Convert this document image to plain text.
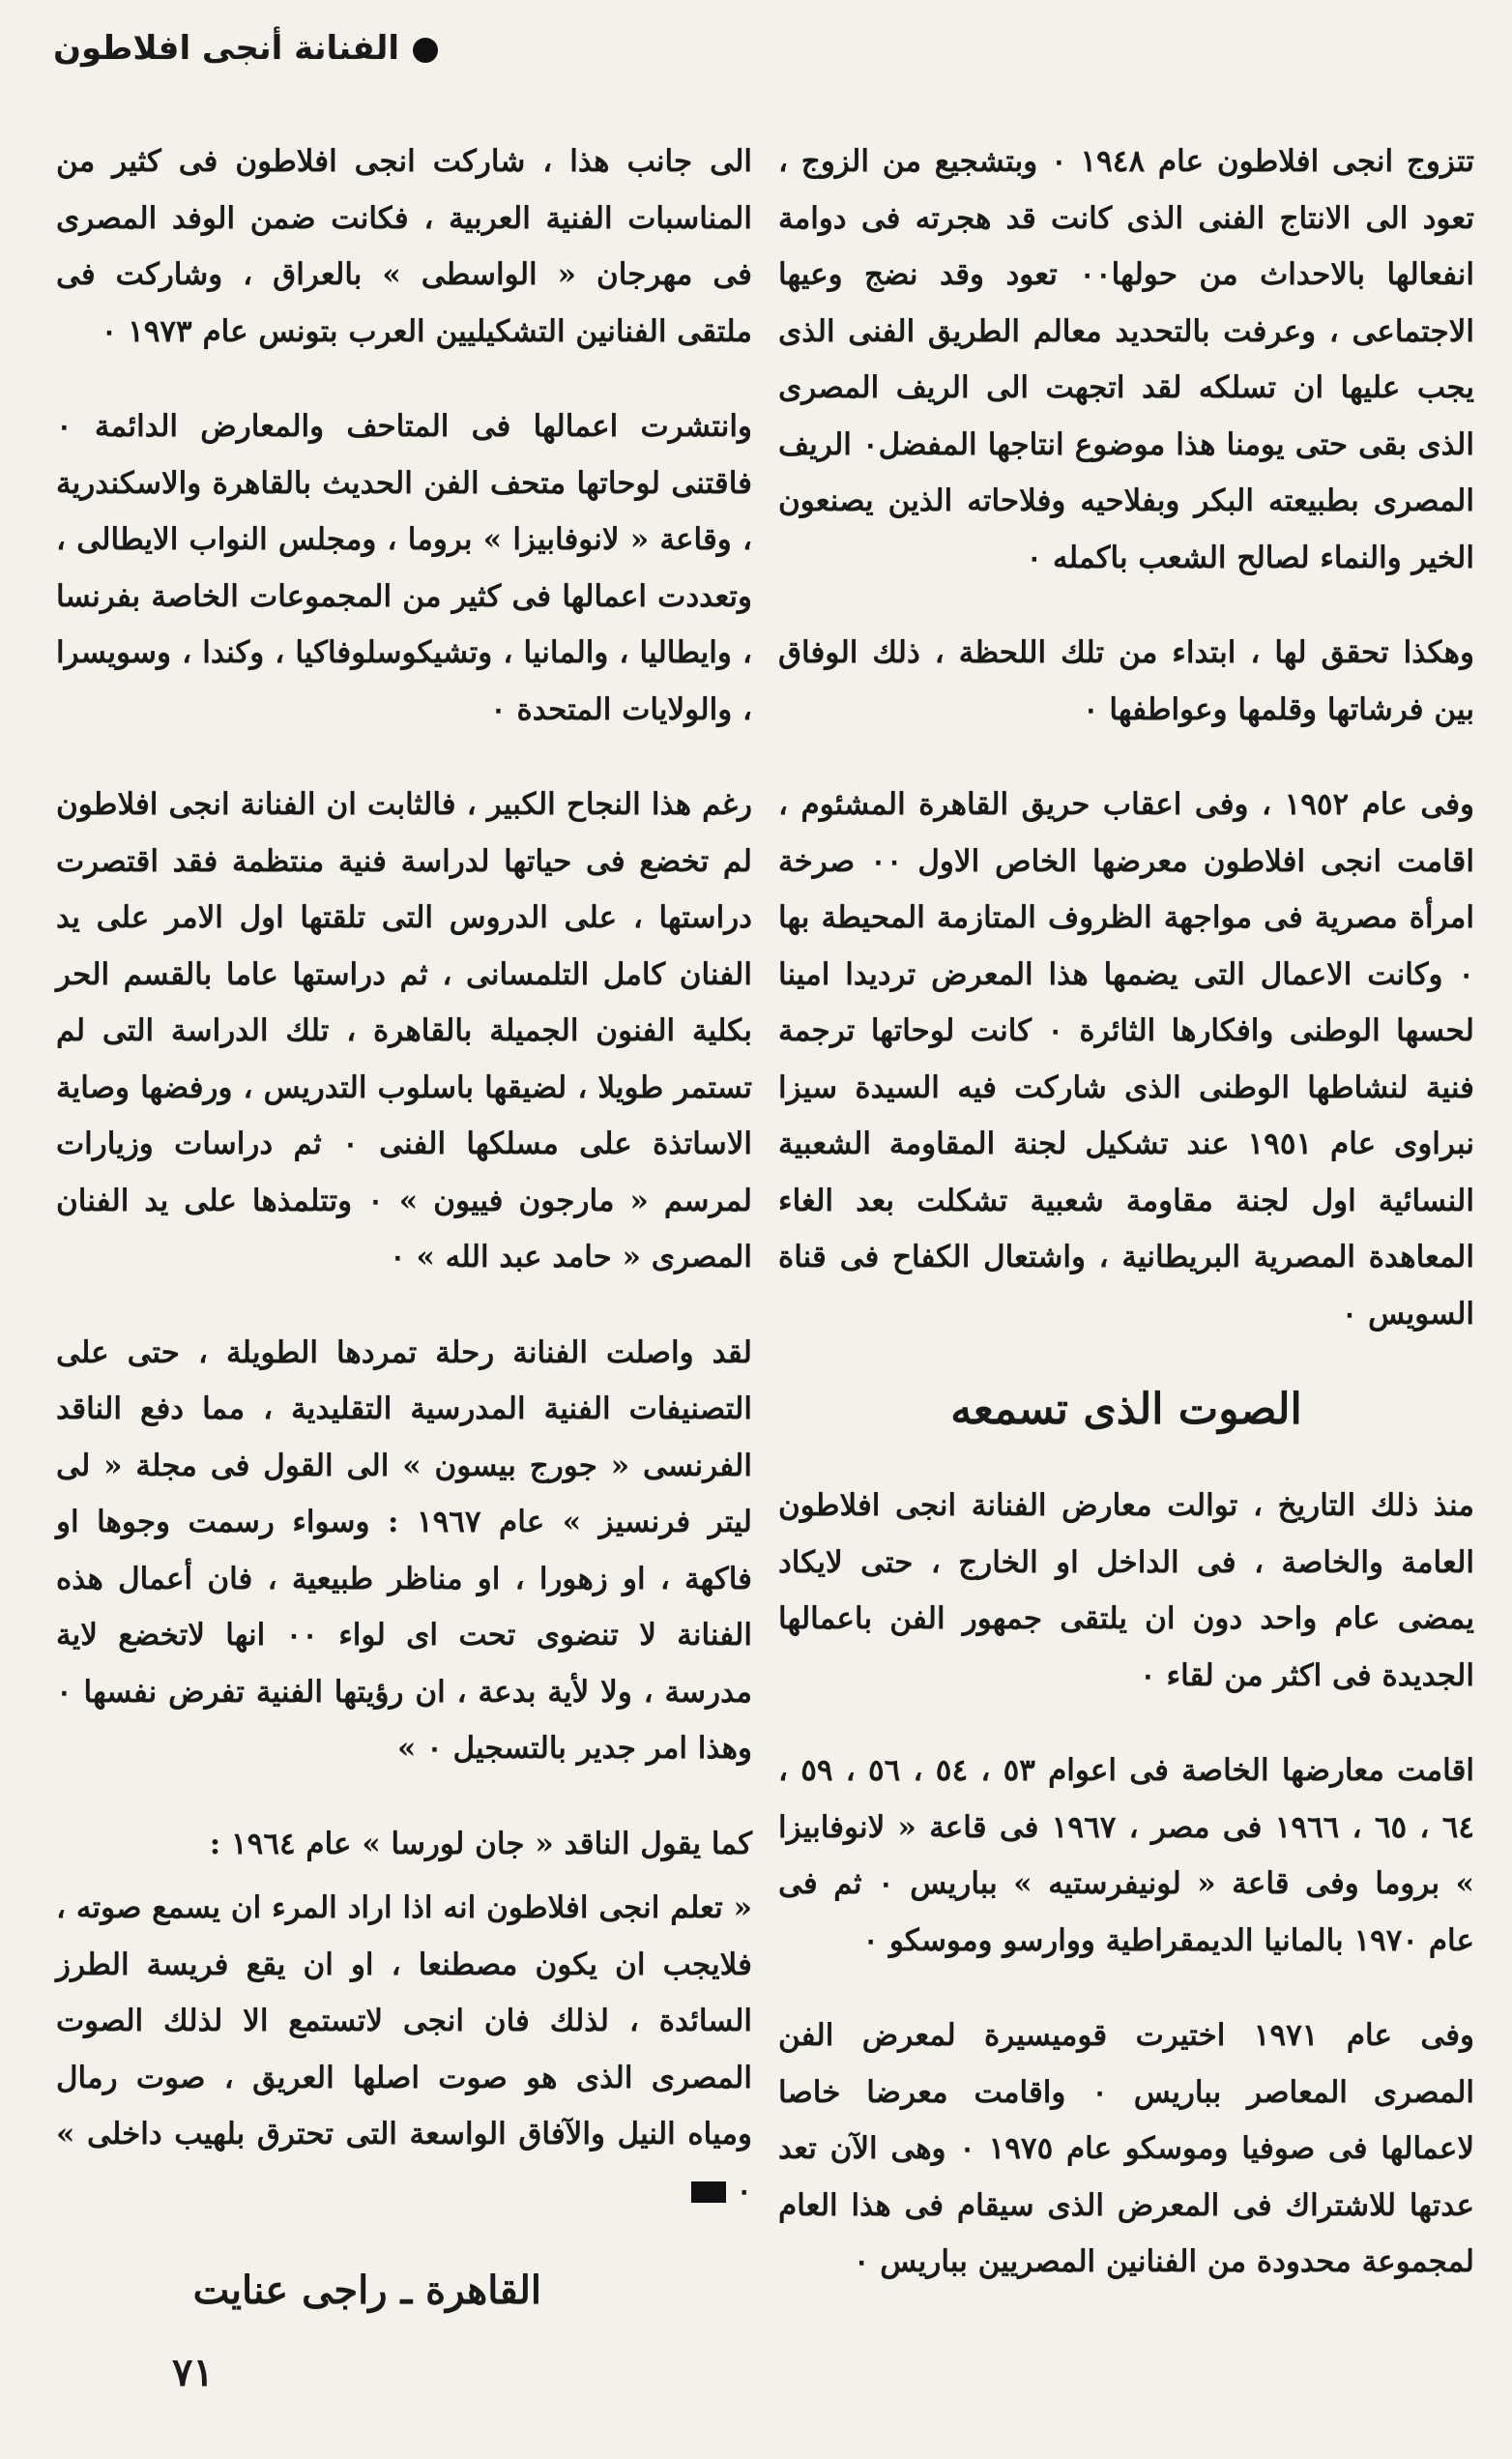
الفنانة أنجى افلاطون

تتزوج انجى افلاطون عام ١٩٤٨ ٠ وبتشجيع من الزوج ، تعود الى الانتاج الفنى الذى كانت قد هجرته فى دوامة انفعالها بالاحداث من حولها٠٠ تعود وقد نضج وعيها الاجتماعى ، وعرفت بالتحديد معالم الطريق الفنى الذى يجب عليها ان تسلكه لقد اتجهت الى الريف المصرى الذى بقى حتى يومنا هذا موضوع انتاجها المفضل٠ الريف المصرى بطبيعته البكر وبفلاحيه وفلاحاته الذين يصنعون الخير والنماء لصالح الشعب باكمله ٠

وهكذا تحقق لها ، ابتداء من تلك اللحظة ، ذلك الوفاق بين فرشاتها وقلمها وعواطفها ٠

وفى عام ١٩٥٢ ، وفى اعقاب حريق القاهرة المشئوم ، اقامت انجى افلاطون معرضها الخاص الاول ٠٠ صرخة امرأة مصرية فى مواجهة الظروف المتازمة المحيطة بها ٠ وكانت الاعمال التى يضمها هذا المعرض ترديدا امينا لحسها الوطنى وافكارها الثائرة ٠ كانت لوحاتها ترجمة فنية لنشاطها الوطنى الذى شاركت فيه السيدة سيزا نبراوى عام ١٩٥١ عند تشكيل لجنة المقاومة الشعبية النسائية اول لجنة مقاومة شعبية تشكلت بعد الغاء المعاهدة المصرية البريطانية ، واشتعال الكفاح فى قناة السويس ٠

الصوت الذى تسمعه

منذ ذلك التاريخ ، توالت معارض الفنانة انجى افلاطون العامة والخاصة ، فى الداخل او الخارج ، حتى لايكاد يمضى عام واحد دون ان يلتقى جمهور الفن باعمالها الجديدة فى اكثر من لقاء ٠

اقامت معارضها الخاصة فى اعوام ٥٣ ، ٥٤ ، ٥٦ ، ٥٩ ، ٦٤ ، ٦٥ ، ١٩٦٦ فى مصر ، ١٩٦٧ فى قاعة « لانوفابيزا » بروما وفى قاعة « لونيفرستيه » بباريس ٠ ثم فى عام ١٩٧٠ بالمانيا الديمقراطية ووارسو وموسكو ٠

وفى عام ١٩٧١ اختيرت قوميسيرة لمعرض الفن المصرى المعاصر بباريس ٠ واقامت معرضا خاصا لاعمالها فى صوفيا وموسكو عام ١٩٧٥ ٠ وهى الآن تعد عدتها للاشتراك فى المعرض الذى سيقام فى هذا العام لمجموعة محدودة من الفنانين المصريين بباريس ٠

الى جانب هذا ، شاركت انجى افلاطون فى كثير من المناسبات الفنية العربية ، فكانت ضمن الوفد المصرى فى مهرجان « الواسطى » بالعراق ، وشاركت فى ملتقى الفنانين التشكيليين العرب بتونس عام ١٩٧٣ ٠

وانتشرت اعمالها فى المتاحف والمعارض الدائمة ٠ فاقتنى لوحاتها متحف الفن الحديث بالقاهرة والاسكندرية ، وقاعة « لانوفابيزا » بروما ، ومجلس النواب الايطالى ، وتعددت اعمالها فى كثير من المجموعات الخاصة بفرنسا ، وايطاليا ، والمانيا ، وتشيكوسلوفاكيا ، وكندا ، وسويسرا ، والولايات المتحدة ٠

رغم هذا النجاح الكبير ، فالثابت ان الفنانة انجى افلاطون لم تخضع فى حياتها لدراسة فنية منتظمة فقد اقتصرت دراستها ، على الدروس التى تلقتها اول الامر على يد الفنان كامل التلمسانى ، ثم دراستها عاما بالقسم الحر بكلية الفنون الجميلة بالقاهرة ، تلك الدراسة التى لم تستمر طويلا ، لضيقها باسلوب التدريس ، ورفضها وصاية الاساتذة على مسلكها الفنى ٠ ثم دراسات وزيارات لمرسم « مارجون فييون » ٠ وتتلمذها على يد الفنان المصرى « حامد عبد الله » ٠

لقد واصلت الفنانة رحلة تمردها الطويلة ، حتى على التصنيفات الفنية المدرسية التقليدية ، مما دفع الناقد الفرنسى « جورج بيسون » الى القول فى مجلة « لى ليتر فرنسيز » عام ١٩٦٧ : وسواء رسمت وجوها او فاكهة ، او زهورا ، او مناظر طبيعية ، فان أعمال هذه الفنانة لا تنضوى تحت اى لواء ٠٠ انها لاتخضع لاية مدرسة ، ولا لأية بدعة ، ان رؤيتها الفنية تفرض نفسها ٠ وهذا امر جدير بالتسجيل ٠ »

كما يقول الناقد « جان لورسا » عام ١٩٦٤ :

« تعلم انجى افلاطون انه اذا اراد المرء ان يسمع صوته ، فلايجب ان يكون مصطنعا ، او ان يقع فريسة الطرز السائدة ، لذلك فان انجى لاتستمع الا لذلك الصوت المصرى الذى هو صوت اصلها العريق ، صوت رمال ومياه النيل والآفاق الواسعة التى تحترق بلهيب داخلى » ٠

القاهرة ـ راجى عنايت
٧١
